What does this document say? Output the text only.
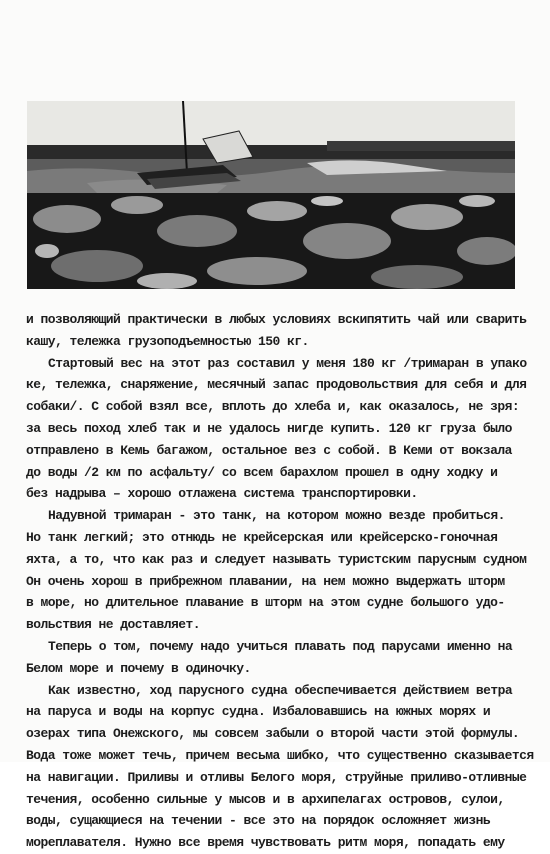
и позволяющий практически в любых условиях вскипятить чай или сварить
кашу, тележка грузоподъемностью 150 кг.
Стартовый вес на этот раз составил у меня 180 кг /тримаран в упако
ке, тележка, снаряжение, месячный запас продовольствия для себя и для
собаки/. С собой взял все, вплоть до хлеба и, как оказалось, не зря:
за весь поход хлеб так и не удалось нигде купить. 120 кг груза было
отправлено в Кемь багажом, остальное вез с собой. В Кеми от вокзала
до воды /2 км по асфальту/ со всем барахлом прошел в одну ходку и
без надрыва – хорошо отлажена система транспортировки.
Надувной тримаран - это танк, на котором можно везде пробиться.
Но танк легкий; это отнюдь не крейсерская или крейсерско-гоночная
яхта, а то, что как раз и следует называть туристским парусным судном
Он очень хорош в прибрежном плавании, на нем можно выдержать шторм
в море, но длительное плавание в шторм на этом судне большого удо-
вольствия не доставляет.
Теперь о том, почему надо учиться плавать под парусами именно на
Белом море и почему в одиночку.
Как известно, ход парусного судна обеспечивается действием ветра
на паруса и воды на корпус судна. Избаловавшись на южных морях и
озерах типа Онежского, мы совсем забыли о второй части этой формулы.
Вода тоже может течь, причем весьма шибко, что существенно сказывается
на навигации. Приливы и отливы Белого моря, струйные приливо-отливные
течения, особенно сильные у мысов и в архипелагах островов, сулои,
воды, сущающиеся на течении - все это на порядок осложняет жизнь
мореплавателя. Нужно все время чувствовать ритм моря, попадать ему
